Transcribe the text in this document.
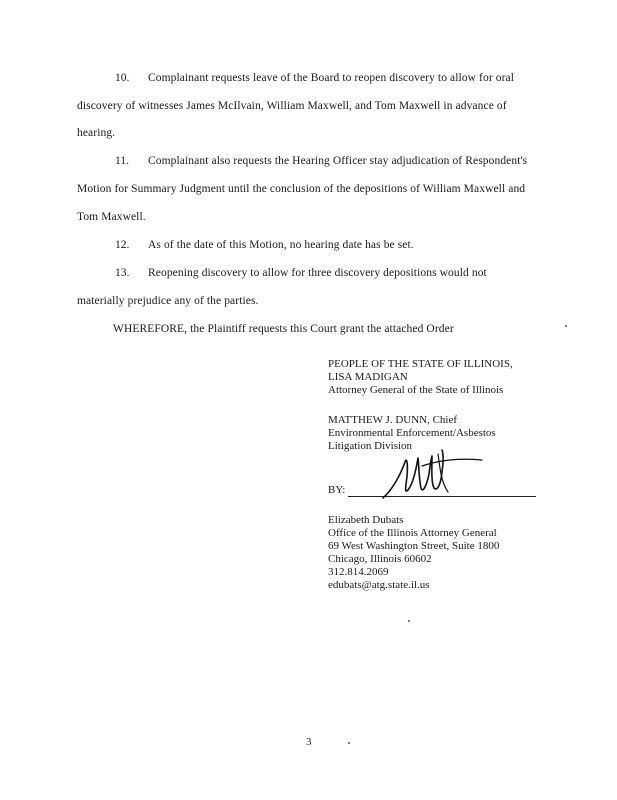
10. Complainant requests leave of the Board to reopen discovery to allow for oral
discovery of witnesses James McIlvain, William Maxwell, and Tom Maxwell in advance of
hearing.
11. Complainant also requests the Hearing Officer stay adjudication of Respondent's
Motion for Summary Judgment until the conclusion of the depositions of William Maxwell and
Tom Maxwell.
12. As of the date of this Motion, no hearing date has be set.
13. Reopening discovery to allow for three discovery depositions would not
materially prejudice any of the parties.
WHEREFORE, the Plaintiff requests this Court grant the attached Order
PEOPLE OF THE STATE OF ILLINOIS,
LISA MADIGAN
Attorney General of the State of Illinois
MATTHEW J. DUNN, Chief
Environmental Enforcement/Asbestos
Litigation Division
BY:
Elizabeth Dubats
Office of the Illinois Attorney General
69 West Washington Street, Suite 1800
Chicago, Illinois 60602
312.814.2069
edubats@atg.state.il.us
3
